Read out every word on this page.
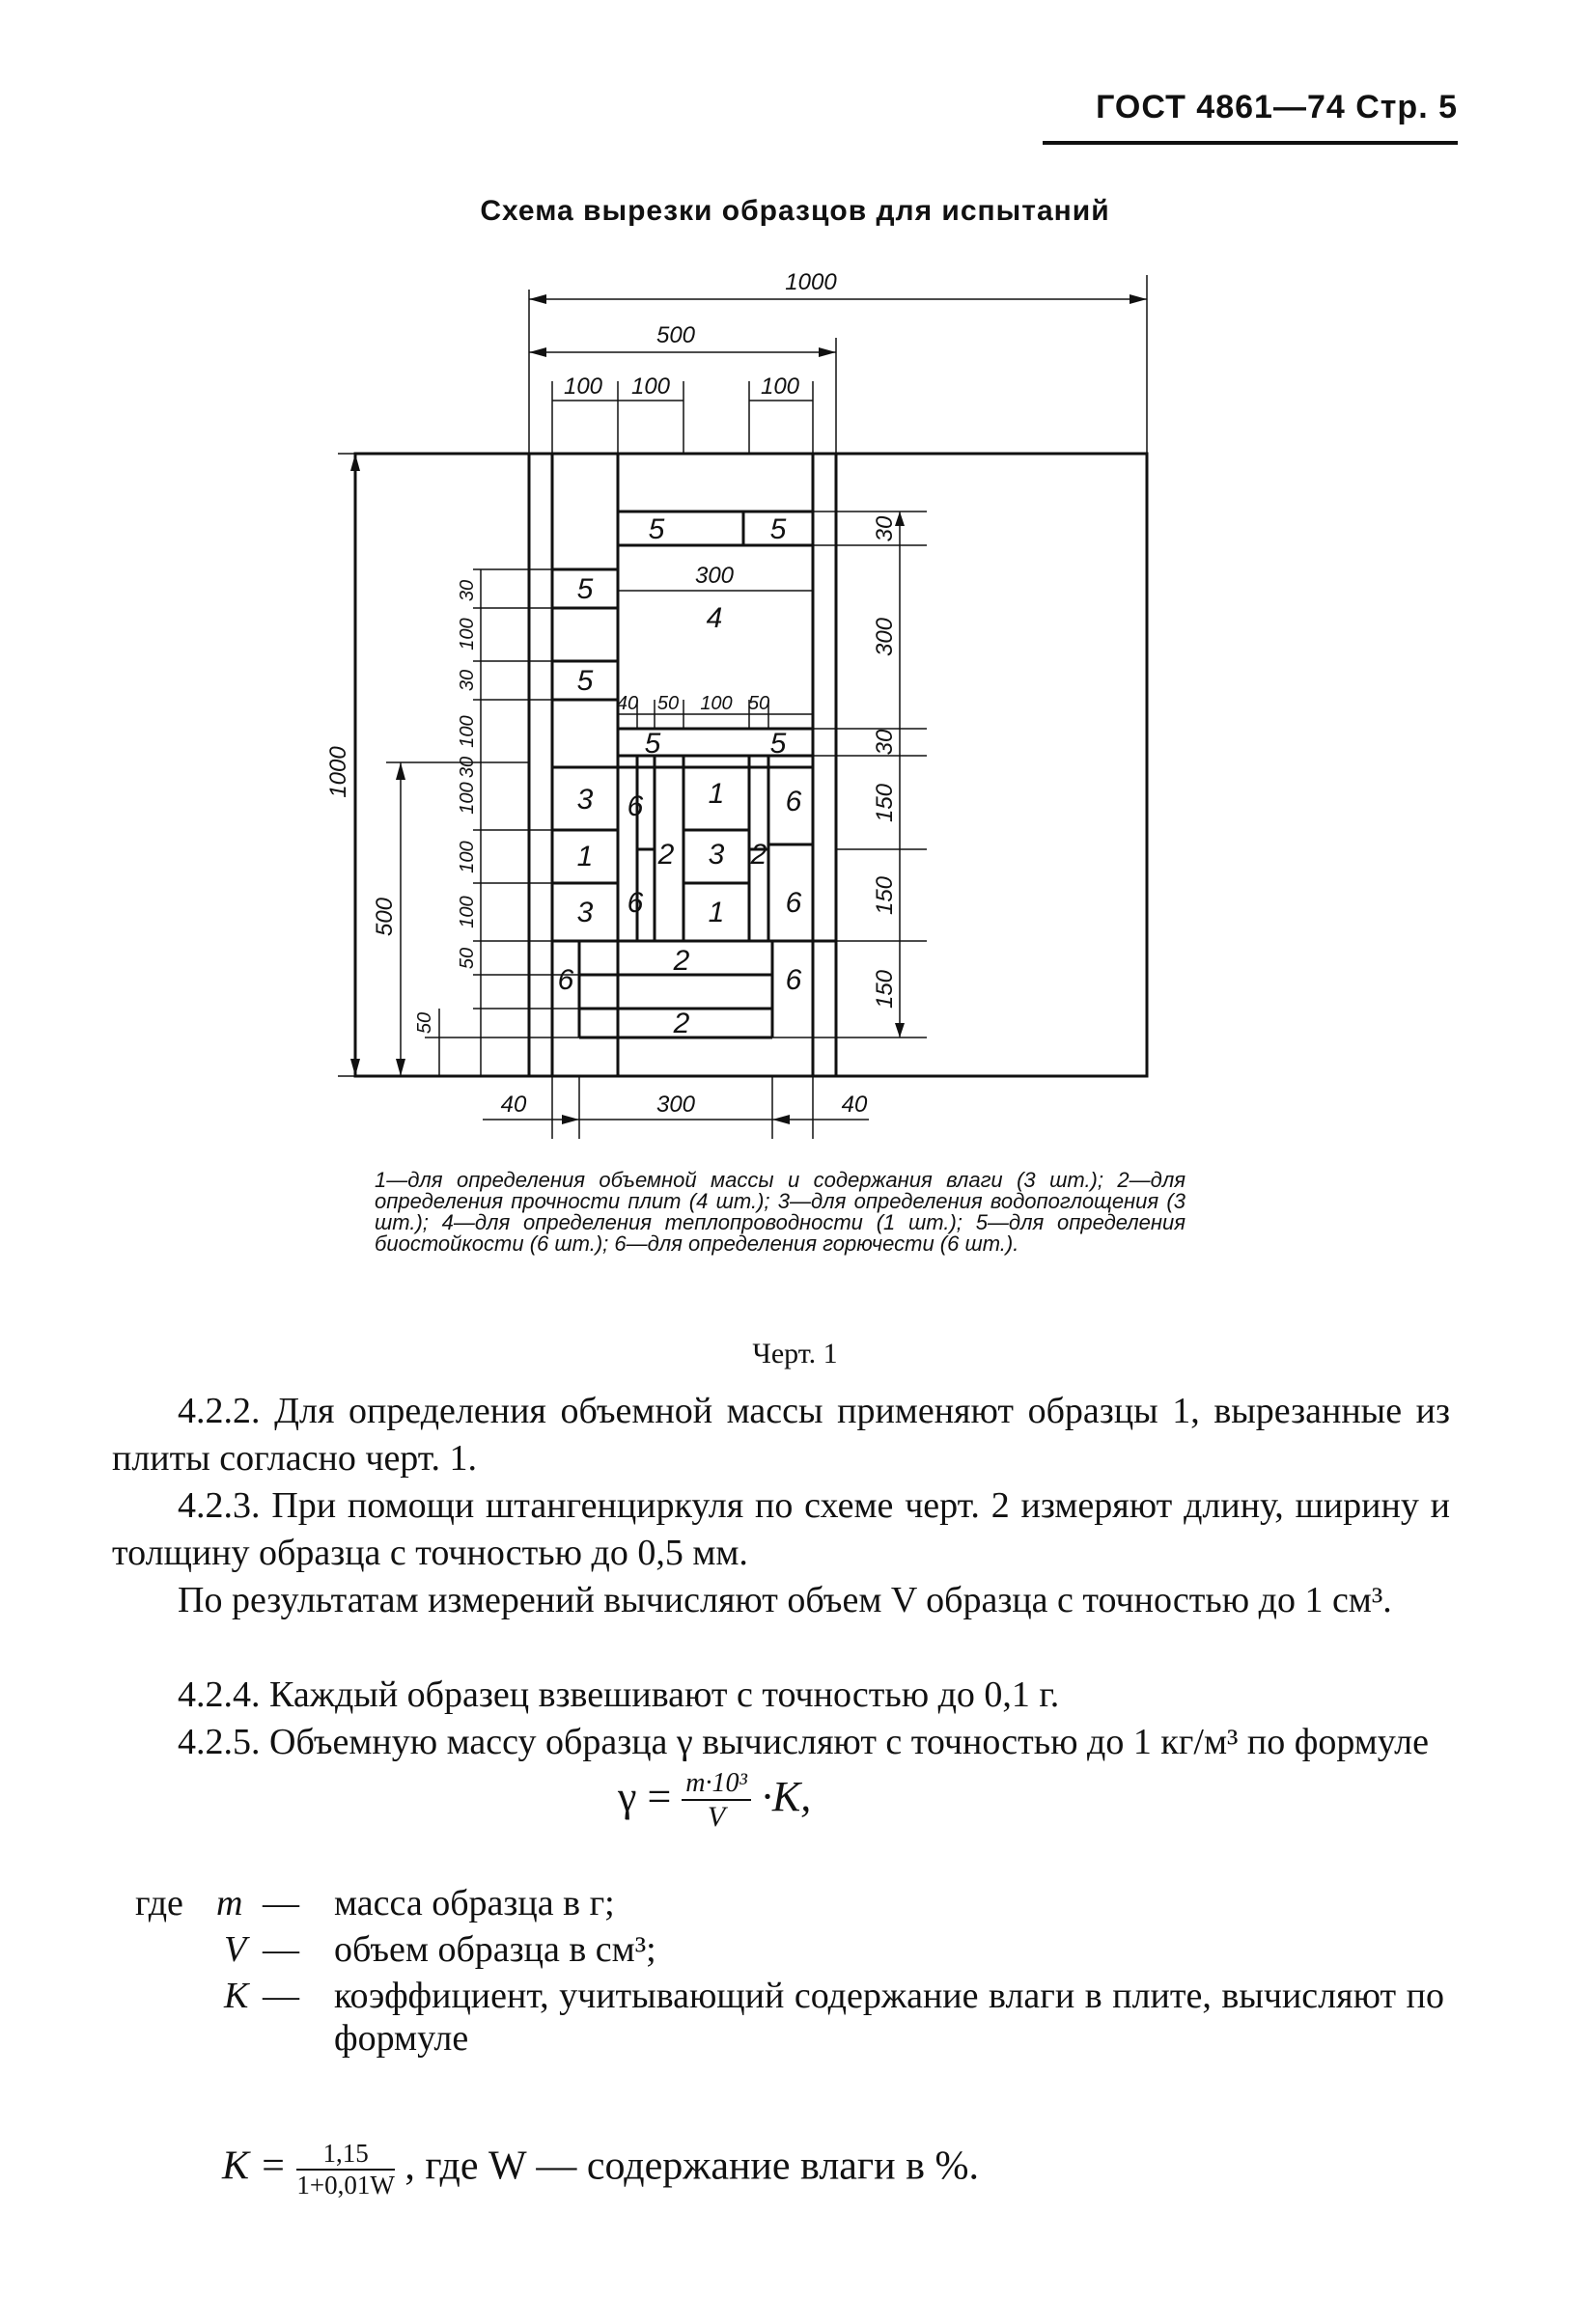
ГОСТ 4861—74 Стр. 5
Схема вырезки образцов для испытаний
1000
500
100 100	100
1000
500
40	300	40
30
300
30
150
150
150
300
30
100
30
100
30
100
100
100
50
50
40 50 100 50
5	5
5
4
5
5	5
3 6 1 6
1 2 3 2
3 6 1 6
6
2
6
2

1—для определения объемной массы и содержания влаги (3 шт.); 2—для определения прочности плит (4 шт.); 3—для определения водопоглощения (3 шт.); 4—для определения теплопроводности (1 шт.); 5—для определения биостойкости (6 шт.); 6—для определения горючести (6 шт.).

Черт. 1

4.2.2. Для определения объемной массы применяют образцы 1, вырезанные из плиты согласно черт. 1.

4.2.3. При помощи штангенциркуля по схеме черт. 2 измеряют длину, ширину и толщину образца с точностью до 0,5 мм.

По результатам измерений вычисляют объем V образца с точностью до 1 см³.

4.2.4. Каждый образец взвешивают с точностью до 0,1 г.

4.2.5. Объемную массу образца γ вычисляют с точностью до 1 кг/м³ по формуле

$\gamma = \frac{\text{m·10³}}{V} \cdot K$,
где m — масса образца в г;
V — объем образца в см³;
K — коэффициент, учитывающий содержание влаги в плите, вычисляют по формуле
$K = \frac{1,15}{1+0,01W}$ , где W — содержание влаги в %.
